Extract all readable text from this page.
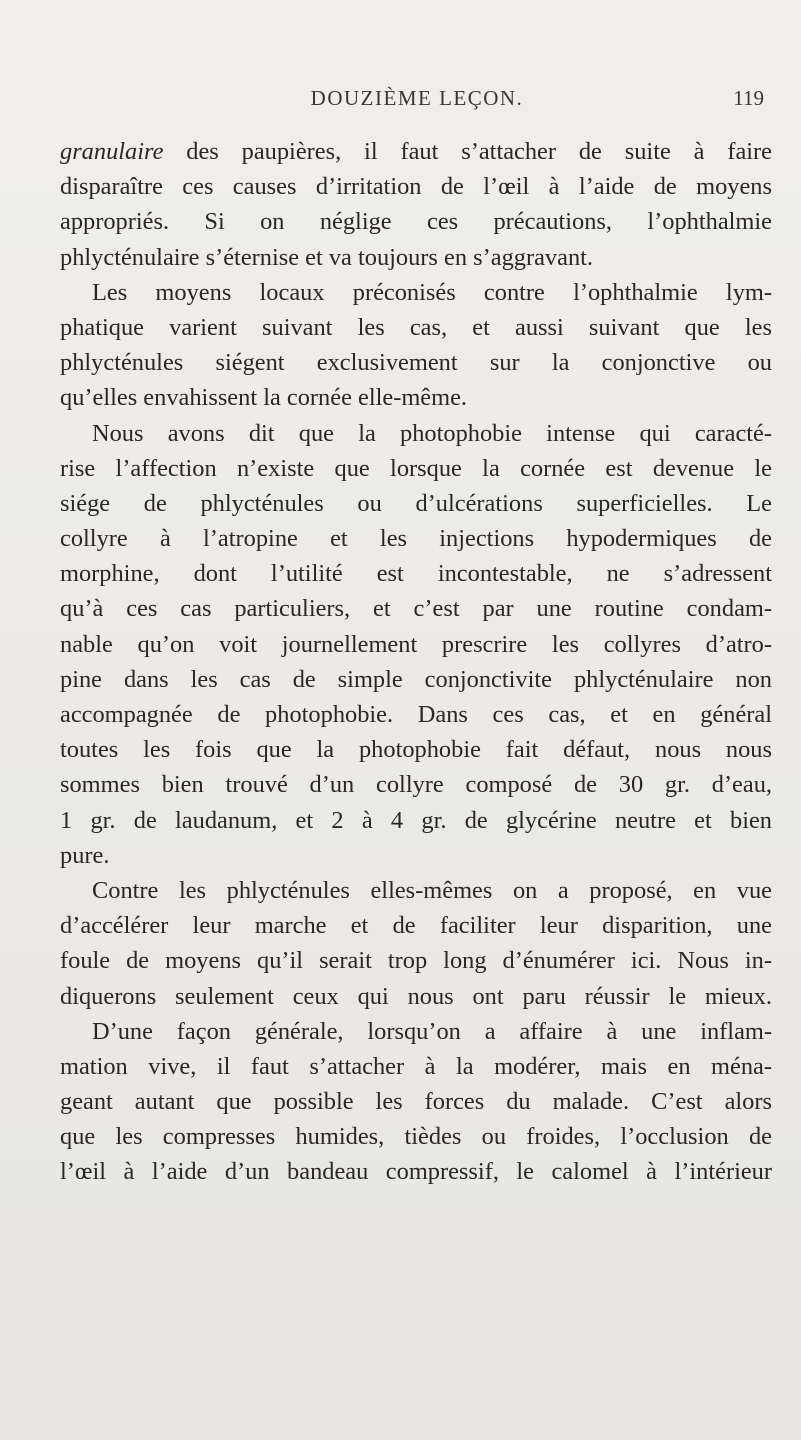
DOUZIÈME LEÇON.	119
granulaire des paupières, il faut s’attacher de suite à faire
disparaître ces causes d’irritation de l’œil à l’aide de moyens
appropriés. Si on néglige ces précautions, l’ophthalmie
phlycténulaire s’éternise et va toujours en s’aggravant.
Les moyens locaux préconisés contre l’ophthalmie lym-
phatique varient suivant les cas, et aussi suivant que les
phlycténules siégent exclusivement sur la conjonctive ou
qu’elles envahissent la cornée elle-même.
Nous avons dit que la photophobie intense qui caracté-
rise l’affection n’existe que lorsque la cornée est devenue le
siége de phlycténules ou d’ulcérations superficielles. Le
collyre à l’atropine et les injections hypodermiques de
morphine, dont l’utilité est incontestable, ne s’adressent
qu’à ces cas particuliers, et c’est par une routine condam-
nable qu’on voit journellement prescrire les collyres d’atro-
pine dans les cas de simple conjonctivite phlycténulaire non
accompagnée de photophobie. Dans ces cas, et en général
toutes les fois que la photophobie fait défaut, nous nous
sommes bien trouvé d’un collyre composé de 30 gr. d’eau,
1 gr. de laudanum, et 2 à 4 gr. de glycérine neutre et bien
pure.
Contre les phlycténules elles-mêmes on a proposé, en vue
d’accélérer leur marche et de faciliter leur disparition, une
foule de moyens qu’il serait trop long d’énumérer ici. Nous in-
diquerons seulement ceux qui nous ont paru réussir le mieux.
D’une façon générale, lorsqu’on a affaire à une inflam-
mation vive, il faut s’attacher à la modérer, mais en ména-
geant autant que possible les forces du malade. C’est alors
que les compresses humides, tièdes ou froides, l’occlusion de
l’œil à l’aide d’un bandeau compressif, le calomel à l’intérieur
